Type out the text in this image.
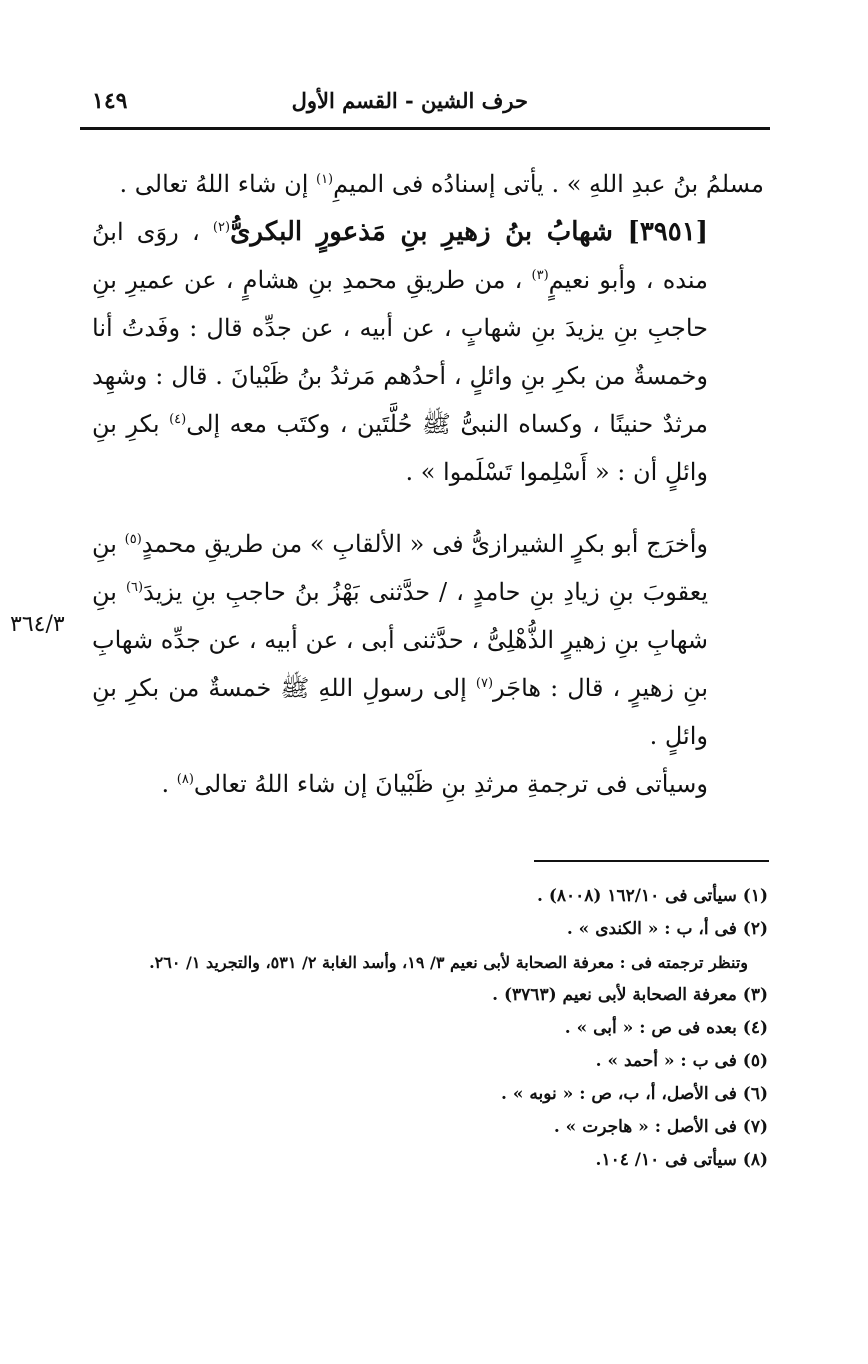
حرف الشين - القسم الأول
١٤٩
٣٦٤/٣

مسلمُ بنُ عبدِ اللهِ » . يأتى إسنادُه فى الميمِ$^{(١)}$ إن شاء اللهُ تعالى .

[٣٩٥١] شهابُ بنُ زهيرِ بنِ مَذعورٍ البكرىُّ$^{(٢)}$ ، روَى ابنُ منده ، وأبو نعيمٍ$^{(٣)}$ ، من طريقِ محمدِ بنِ هشامٍ ، عن عميرِ بنِ حاجبِ بنِ يزيدَ بنِ شهابٍ ، عن أبيه ، عن جدِّه قال : وفَدتُ أنا وخمسةٌ من بكرِ بنِ وائلٍ ، أحدُهم مَرثدُ بنُ ظَبْيانَ . قال : وشهِد مرثدٌ حنينًا ، وكساه النبىُّ ﷺ حُلَّتَين ، وكتَب معه إلى$^{(٤)}$ بكرِ بنِ وائلٍ أن : « أَسْلِموا تَسْلَموا » .

وأخرَج أبو بكرٍ الشيرازىُّ فى « الألقابِ » من طريقِ محمدٍ$^{(٥)}$ بنِ يعقوبَ بنِ زيادِ بنِ حامدٍ ، / حدَّثنى بَهْزُ بنُ حاجبِ بنِ يزيدَ$^{(٦)}$ بنِ شهابِ بنِ زهيرٍ الذُّهْلِىُّ ، حدَّثنى أبى ، عن أبيه ، عن جدِّه شهابِ بنِ زهيرٍ ، قال : هاجَر$^{(٧)}$ إلى رسولِ اللهِ ﷺ خمسةٌ من بكرِ بنِ وائلٍ .

وسيأتى فى ترجمةِ مرثدِ بنِ ظَبْيانَ إن شاء اللهُ تعالى$^{(٨)}$ .

(١) سيأتى فى ١٦٢/١٠ (٨٠٠٨) .
(٢) فى أ، ب : « الكندى » .
وتنظر ترجمته فى : معرفة الصحابة لأبى نعيم ٣/ ١٩، وأسد الغابة ٢/ ٥٣١، والتجريد ١/ ٢٦٠.
(٣) معرفة الصحابة لأبى نعيم (٣٧٦٣) .
(٤) بعده فى ص : « أبى » .
(٥) فى ب : « أحمد » .
(٦) فى الأصل، أ، ب، ص : « نوبه » .
(٧) فى الأصل : « هاجرت » .
(٨) سيأتى فى ١٠/ ١٠٤.
